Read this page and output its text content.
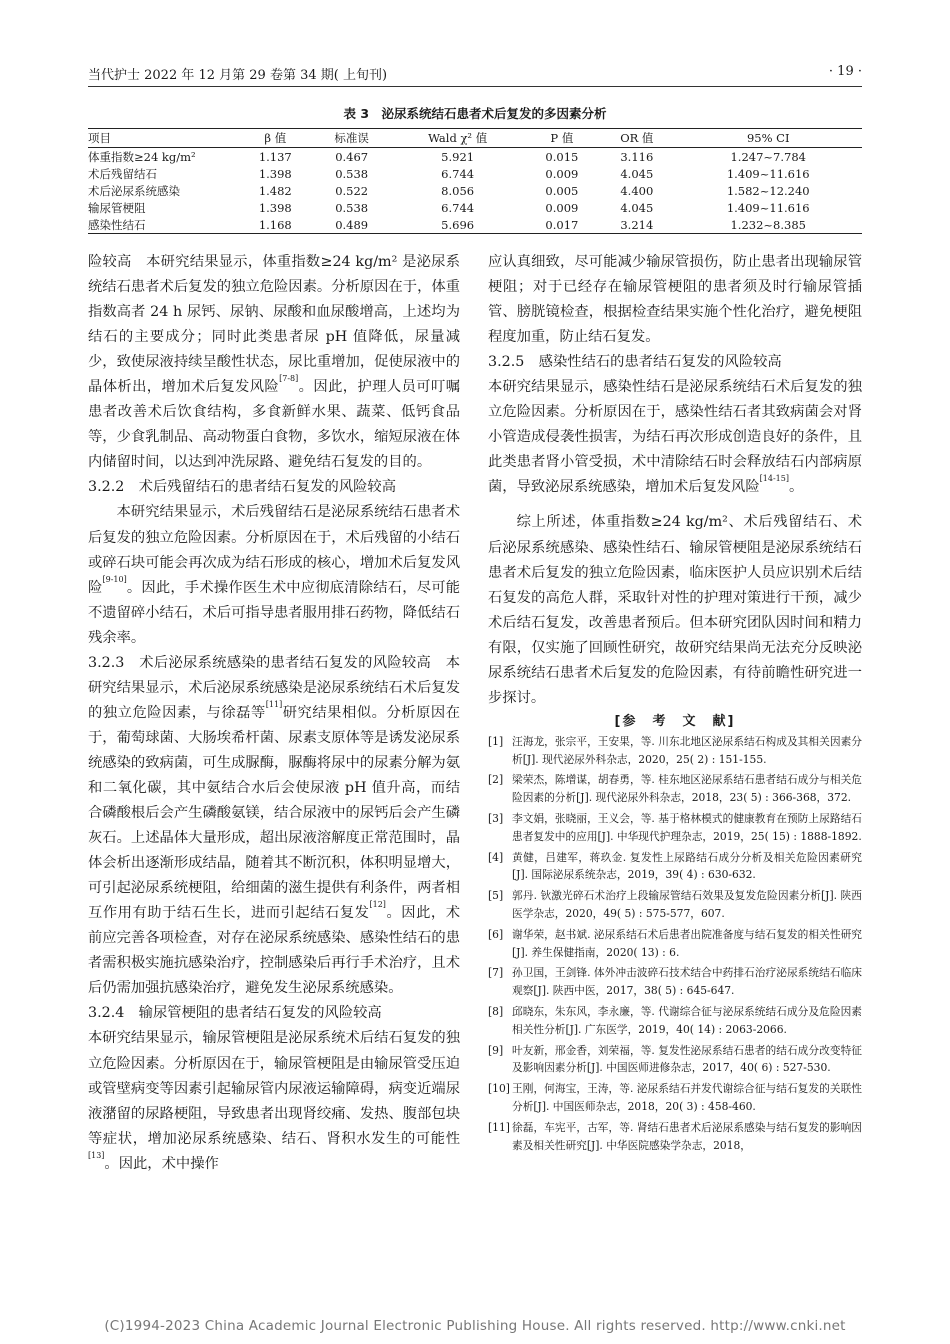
当代护士 2022 年 12 月第 29 卷第 34 期( 上旬刊)	· 19 ·
表 3　泌尿系统结石患者术后复发的多因素分析
项目	β 值	标准误	Wald χ² 值	P 值	OR 值	95% CI
体重指数≥24 kg/m²	1.137	0.467	5.921	0.015	3.116	1.247~7.784
术后残留结石	1.398	0.538	6.744	0.009	4.045	1.409~11.616
术后泌尿系统感染	1.482	0.522	8.056	0.005	4.400	1.582~12.240
输尿管梗阻	1.398	0.538	6.744	0.009	4.045	1.409~11.616
感染性结石	1.168	0.489	5.696	0.017	3.214	1.232~8.385

险较高　本研究结果显示，体重指数≥24 kg/m² 是泌尿系统结石患者术后复发的独立危险因素。分析原因在于，体重指数高者 24 h 尿钙、尿钠、尿酸和血尿酸增高，上述均为结石的主要成分；同时此类患者尿 pH 值降低，尿量减少，致使尿液持续呈酸性状态，尿比重增加，促使尿液中的晶体析出，增加术后复发风险[7-8]。因此，护理人员可叮嘱患者改善术后饮食结构，多食新鲜水果、蔬菜、低钙食品等，少食乳制品、高动物蛋白食物，多饮水，缩短尿液在体内储留时间，以达到冲洗尿路、避免结石复发的目的。

3.2.2　术后残留结石的患者结石复发的风险较高

本研究结果显示，术后残留结石是泌尿系统结石患者术后复发的独立危险因素。分析原因在于，术后残留的小结石或碎石块可能会再次成为结石形成的核心，增加术后复发风险[9-10]。因此，手术操作医生术中应彻底清除结石，尽可能不遗留碎小结石，术后可指导患者服用排石药物，降低结石残余率。

3.2.3　术后泌尿系统感染的患者结石复发的风险较高　本研究结果显示，术后泌尿系统感染是泌尿系统结石术后复发的独立危险因素，与徐磊等[11]研究结果相似。分析原因在于，葡萄球菌、大肠埃希杆菌、尿素支原体等是诱发泌尿系统感染的致病菌，可生成脲酶，脲酶将尿中的尿素分解为氨和二氧化碳，其中氨结合水后会使尿液 pH 值升高，而结合磷酸根后会产生磷酸氨镁，结合尿液中的尿钙后会产生磷灰石。上述晶体大量形成，超出尿液溶解度正常范围时，晶体会析出逐渐形成结晶，随着其不断沉积，体积明显增大，可引起泌尿系统梗阻，给细菌的滋生提供有利条件，两者相互作用有助于结石生长，进而引起结石复发[12]。因此，术前应完善各项检查，对存在泌尿系统感染、感染性结石的患者需积极实施抗感染治疗，控制感染后再行手术治疗，且术后仍需加强抗感染治疗，避免发生泌尿系统感染。

3.2.4　输尿管梗阻的患者结石复发的风险较高

本研究结果显示，输尿管梗阻是泌尿系统术后结石复发的独立危险因素。分析原因在于，输尿管梗阻是由输尿管受压迫或管壁病变等因素引起输尿管内尿液运输障碍，病变近端尿液潴留的尿路梗阻，导致患者出现肾绞痛、发热、腹部包块等症状，增加泌尿系统感染、结石、肾积水发生的可能性[13]。因此，术中操作

应认真细致，尽可能减少输尿管损伤，防止患者出现输尿管梗阻；对于已经存在输尿管梗阻的患者须及时行输尿管插管、膀胱镜检查，根据检查结果实施个性化治疗，避免梗阻程度加重，防止结石复发。

3.2.5　感染性结石的患者结石复发的风险较高

本研究结果显示，感染性结石是泌尿系统结石术后复发的独立危险因素。分析原因在于，感染性结石者其致病菌会对肾小管造成侵袭性损害，为结石再次形成创造良好的条件，且此类患者肾小管受损，术中清除结石时会释放结石内部病原菌，导致泌尿系统感染，增加术后复发风险[14-15]。

综上所述，体重指数≥24 kg/m²、术后残留结石、术后泌尿系统感染、感染性结石、输尿管梗阻是泌尿系统结石患者术后复发的独立危险因素，临床医护人员应识别术后结石复发的高危人群，采取针对性的护理对策进行干预，减少术后结石复发，改善患者预后。但本研究团队因时间和精力有限，仅实施了回顾性研究，故研究结果尚无法充分反映泌尿系统结石患者术后复发的危险因素，有待前瞻性研究进一步探讨。

[参　考　文　献]
[1] 汪海龙，张宗平，王安果，等. 川东北地区泌尿系结石构成及其相关因素分析[J]. 现代泌尿外科杂志，2020，25( 2) : 151-155.
[2] 梁荣杰，陈增谋，胡春勇，等. 桂东地区泌尿系结石患者结石成分与相关危险因素的分析[J]. 现代泌尿外科杂志，2018，23( 5) : 366-368，372.
[3] 李文娟，张晓丽，王义会，等. 基于格林模式的健康教育在预防上尿路结石患者复发中的应用[J]. 中华现代护理杂志，2019，25( 15) : 1888-1892.
[4] 黄健，吕建军，蒋玖金. 复发性上尿路结石成分分析及相关危险因素研究[J]. 国际泌尿系统杂志，2019，39( 4) : 630-632.
[5] 郭丹. 钬激光碎石术治疗上段输尿管结石效果及复发危险因素分析[J]. 陕西医学杂志，2020，49( 5) : 575-577，607.
[6] 谢华荣，赵书斌. 泌尿系结石术后患者出院准备度与结石复发的相关性研究[J]. 养生保健指南，2020( 13) : 6.
[7] 孙卫国，王剑锋. 体外冲击波碎石技术结合中药排石治疗泌尿系统结石临床观察[J]. 陕西中医，2017，38( 5) : 645-647.
[8] 邱晓东，朱东风，李永廉，等. 代谢综合征与泌尿系统结石成分及危险因素相关性分析[J]. 广东医学，2019，40( 14) : 2063-2066.
[9] 叶友新，邢金香，刘荣福，等. 复发性泌尿系结石患者的结石成分改变特征及影响因素分析[J]. 中国医师进修杂志，2017，40( 6) : 527-530.
[10] 王刚，何海宝，王涛，等. 泌尿系结石并发代谢综合征与结石复发的关联性分析[J]. 中国医师杂志，2018，20( 3) : 458-460.
[11] 徐磊，车宪平，古军，等. 肾结石患者术后泌尿系感染与结石复发的影响因素及相关性研究[J]. 中华医院感染学杂志，2018，
(C)1994-2023 China Academic Journal Electronic Publishing House. All rights reserved. http://www.cnki.net
